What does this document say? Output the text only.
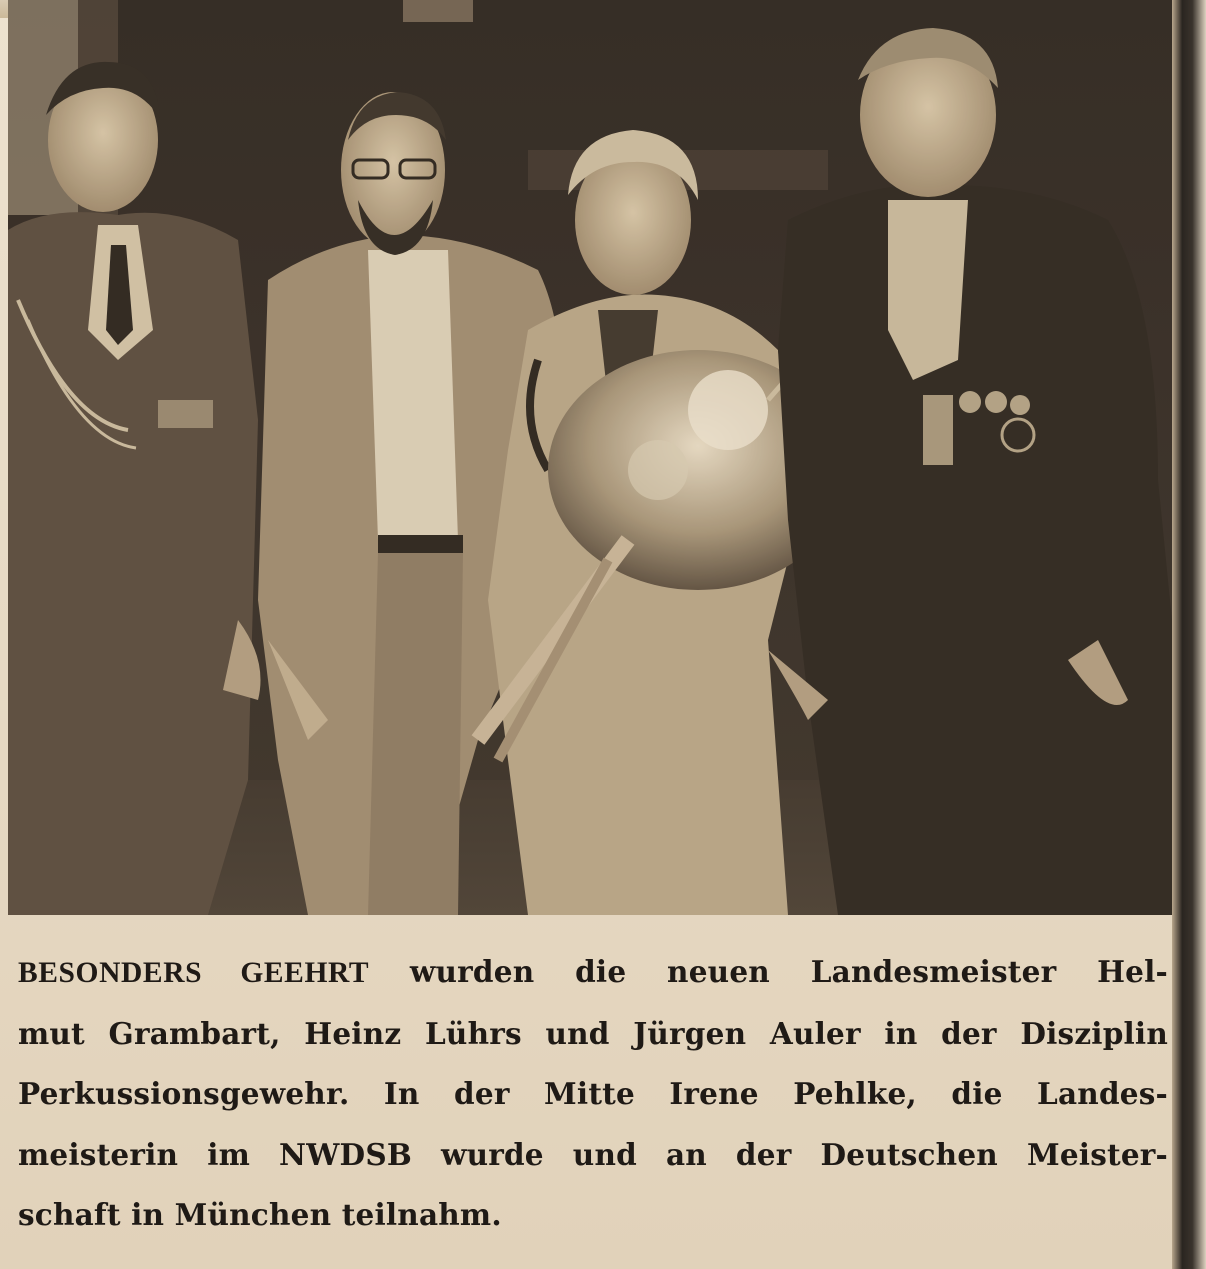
BESONDERS GEEHRT wurden die neuen Landesmeister Hel-
mut Grambart, Heinz Lührs und Jürgen Auler in der Disziplin
Perkussionsgewehr. In der Mitte Irene Pehlke, die Landes-
meisterin im NWDSB wurde und an der Deutschen Meister-
schaft in München teilnahm.
